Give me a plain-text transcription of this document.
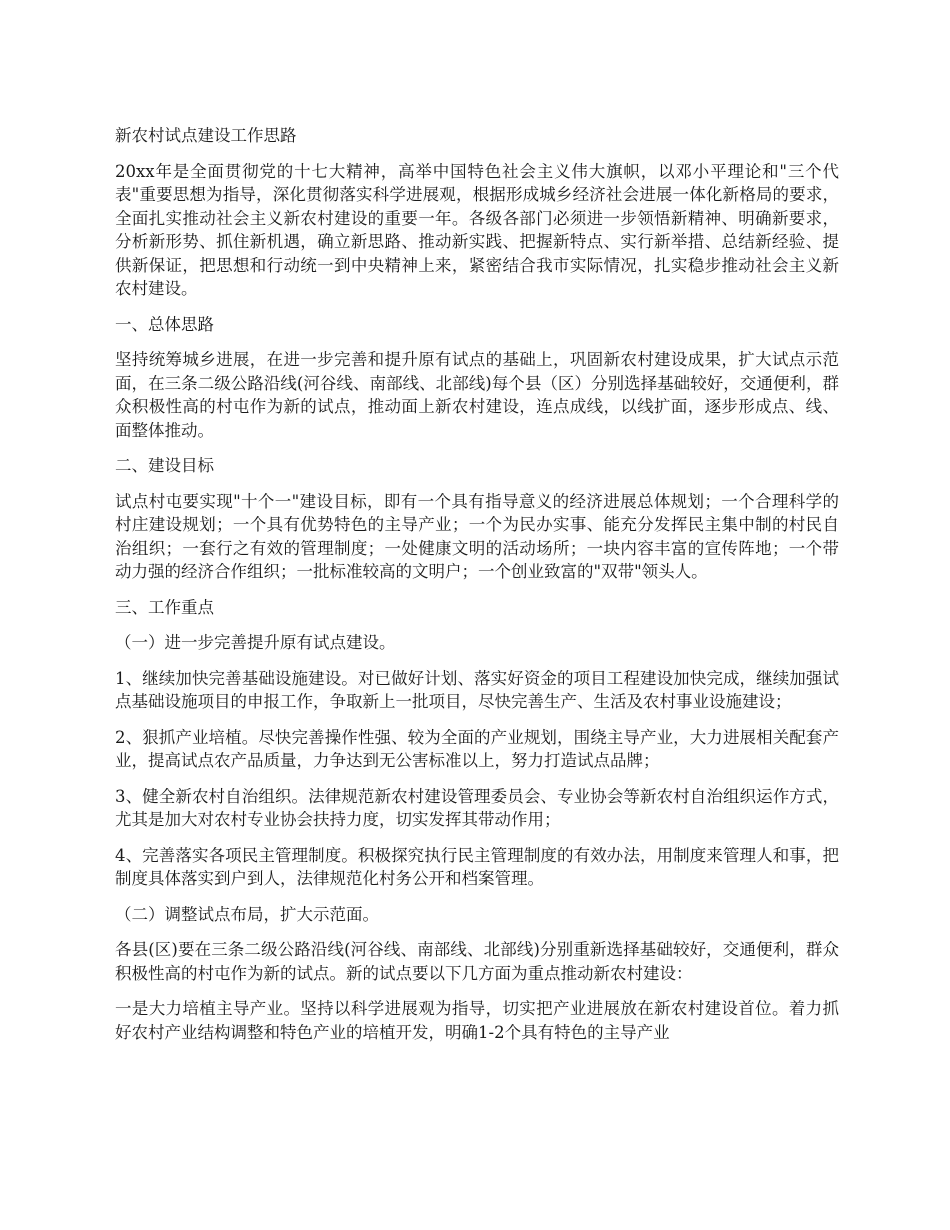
新农村试点建设工作思路
20xx年是全面贯彻党的十七大精神，高举中国特色社会主义伟大旗帜，以邓小平理论和"三个代表"重要思想为指导，深化贯彻落实科学进展观，根据形成城乡经济社会进展一体化新格局的要求，全面扎实推动社会主义新农村建设的重要一年。各级各部门必须进一步领悟新精神、明确新要求，分析新形势、抓住新机遇，确立新思路、推动新实践、把握新特点、实行新举措、总结新经验、提供新保证，把思想和行动统一到中央精神上来，紧密结合我市实际情况，扎实稳步推动社会主义新农村建设。
一、总体思路
坚持统筹城乡进展，在进一步完善和提升原有试点的基础上，巩固新农村建设成果，扩大试点示范面，在三条二级公路沿线(河谷线、南部线、北部线)每个县（区）分别选择基础较好，交通便利，群众积极性高的村屯作为新的试点，推动面上新农村建设，连点成线，以线扩面，逐步形成点、线、面整体推动。
二、建设目标
试点村屯要实现"十个一"建设目标，即有一个具有指导意义的经济进展总体规划；一个合理科学的村庄建设规划；一个具有优势特色的主导产业；一个为民办实事、能充分发挥民主集中制的村民自治组织；一套行之有效的管理制度；一处健康文明的活动场所；一块内容丰富的宣传阵地；一个带动力强的经济合作组织；一批标准较高的文明户；一个创业致富的"双带"领头人。
三、工作重点
（一）进一步完善提升原有试点建设。
1、继续加快完善基础设施建设。对已做好计划、落实好资金的项目工程建设加快完成，继续加强试点基础设施项目的申报工作，争取新上一批项目，尽快完善生产、生活及农村事业设施建设；
2、狠抓产业培植。尽快完善操作性强、较为全面的产业规划，围绕主导产业，大力进展相关配套产业，提高试点农产品质量，力争达到无公害标准以上，努力打造试点品牌；
3、健全新农村自治组织。法律规范新农村建设管理委员会、专业协会等新农村自治组织运作方式，尤其是加大对农村专业协会扶持力度，切实发挥其带动作用；
4、完善落实各项民主管理制度。积极探究执行民主管理制度的有效办法，用制度来管理人和事，把制度具体落实到户到人，法律规范化村务公开和档案管理。
（二）调整试点布局，扩大示范面。
各县(区)要在三条二级公路沿线(河谷线、南部线、北部线)分别重新选择基础较好，交通便利，群众积极性高的村屯作为新的试点。新的试点要以下几方面为重点推动新农村建设：
一是大力培植主导产业。坚持以科学进展观为指导，切实把产业进展放在新农村建设首位。着力抓好农村产业结构调整和特色产业的培植开发，明确1-2个具有特色的主导产业
